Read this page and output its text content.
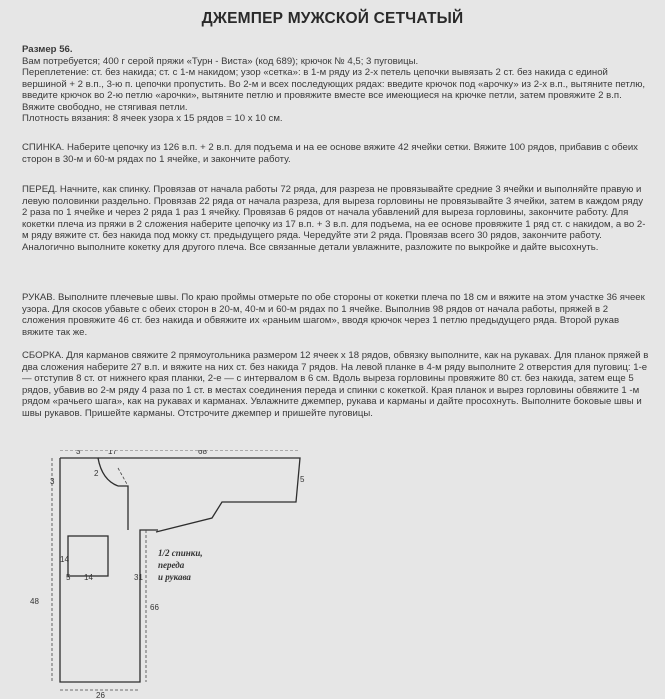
ДЖЕМПЕР МУЖСКОЙ СЕТЧАТЫЙ

Размер 56.

Вам потребуется; 400 г серой пряжи «Турн - Виста» (код 689); крючок № 4,5; 3 пуговицы.

Переплетение: ст. без накида; ст. с 1-м накидом; узор «сетка»: в 1-м ряду из 2-х петель цепочки вывязать 2 ст. без накида с единой вершиной + 2 в.п., 3-ю п. цепочки пропустить. Во 2-м и всех последующих рядах: введите крючок под «арочку» из 2-х в.п., вытяните петлю, введите крючок во 2-ю петлю «арочки», вытяните петлю и провяжите вместе все имеющиеся на крючке петли, затем провяжите 2 в.п. Вяжите свободно, не стягивая петли.

Плотность вязания: 8 ячеек узора x 15 рядов = 10 x 10 см.

СПИНКА. Наберите цепочку из 126 в.п. + 2 в.п. для подъема и на ее основе вяжите 42 ячейки сетки. Вяжите 100 рядов, прибавив с обеих сторон в 30-м и 60-м рядах по 1 ячейке, и закончите работу.
ПЕРЕД. Начните, как спинку. Провязав от начала работы 72 ряда, для разреза не провязывайте средние 3 ячейки и выполняйте правую и левую половинки раздельно. Провязав 22 ряда от начала разреза, для выреза горловины не провязывайте 3 ячейки, затем в каждом ряду 2 раза по 1 ячейке и через 2 ряда 1 раз 1 ячейку. Провязав 6 рядов от начала убавлений для выреза горловины, закончите работу. Для кокетки плеча из пряжи в 2 сложения наберите цепочку из 17 в.п. + 3 в.п. для подъема, на ее основе провяжите 1 ряд ст. с накидом, а во 2-м ряду вяжите ст. без накида под мокку ст. предыдущего ряда. Чередуйте эти 2 ряда. Провязав всего 30 рядов, закончите работу. Аналогично выполните кокетку для другого плеча. Все связанные детали увлажните, разложите по выкройке и дайте высохнуть.
РУКАВ. Выполните плечевые швы. По краю проймы отмерьте по обе стороны от кокетки плеча по 18 см и вяжите на этом участке 36 ячеек узора. Для скосов убавьте с обеих сторон в 20-м, 40-м и 60-м рядах по 1 ячейке. Выполнив 98 рядов от начала работы, пряжей в 2 сложения провяжите 46 ст. без накида и обвяжите их «раньим шагом», вводя крючок через 1 петлю предыдущего ряда. Второй рукав вяжите так же.
СБОРКА. Для карманов свяжите 2 прямоугольника размером 12 ячеек x 18 рядов, обвязку выполните, как на рукавах. Для планок пряжей в два сложения наберите 27 в.п. и вяжите на них ст. без накида 7 рядов. На левой планке в 4-м ряду выполните 2 отверстия для пуговиц: 1-е — отступив 8 ст. от нижнего края планки, 2-е — с интервалом в 6 см. Вдоль выреза горловины провяжите 80 ст. без накида, затем еще 5 рядов, убавив во 2-м ряду 4 раза по 1 ст. в местах соединения переда и спинки с кокеткой. Края планок и вырез горловины обвяжите 1 -м рядом «рачьего шага», как на рукавах и карманах. Увлажните джемпер, рукава и карманы и дайте просохнуть. Выполните боковые швы и швы рукавов. Пришейте карманы. Отстрочите джемпер и пришейте пуговицы.
3	17	68
5
3
2
14
31
14
5
48
66
26
1/2 спинки,
переда
и рукава
